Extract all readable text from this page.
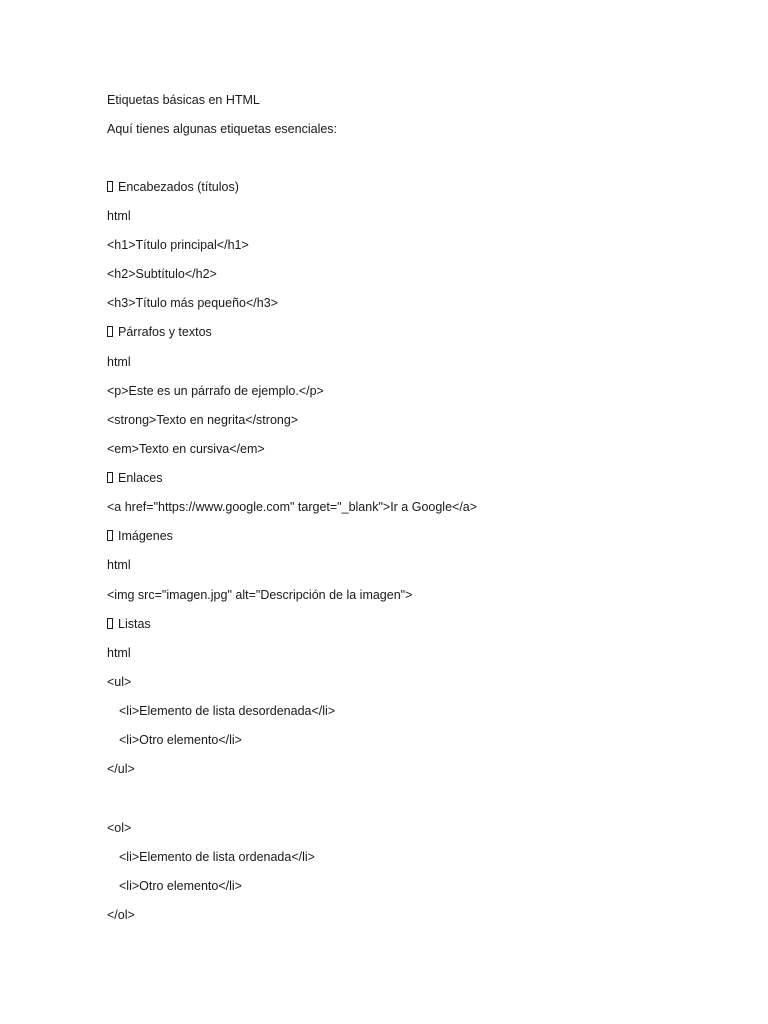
Etiquetas básicas en HTML
Aquí tienes algunas etiquetas esenciales:
Encabezados (títulos)
html
<h1>Título principal</h1>
<h2>Subtítulo</h2>
<h3>Título más pequeño</h3>
Párrafos y textos
html
<p>Este es un párrafo de ejemplo.</p>
<strong>Texto en negrita</strong>
<em>Texto en cursiva</em>
Enlaces
<a href="https://www.google.com" target="_blank">Ir a Google</a>
Imágenes
html
<img src="imagen.jpg" alt="Descripción de la imagen">
Listas
html
<ul>
<li>Elemento de lista desordenada</li>
<li>Otro elemento</li>
</ul>
<ol>
<li>Elemento de lista ordenada</li>
<li>Otro elemento</li>
</ol>
